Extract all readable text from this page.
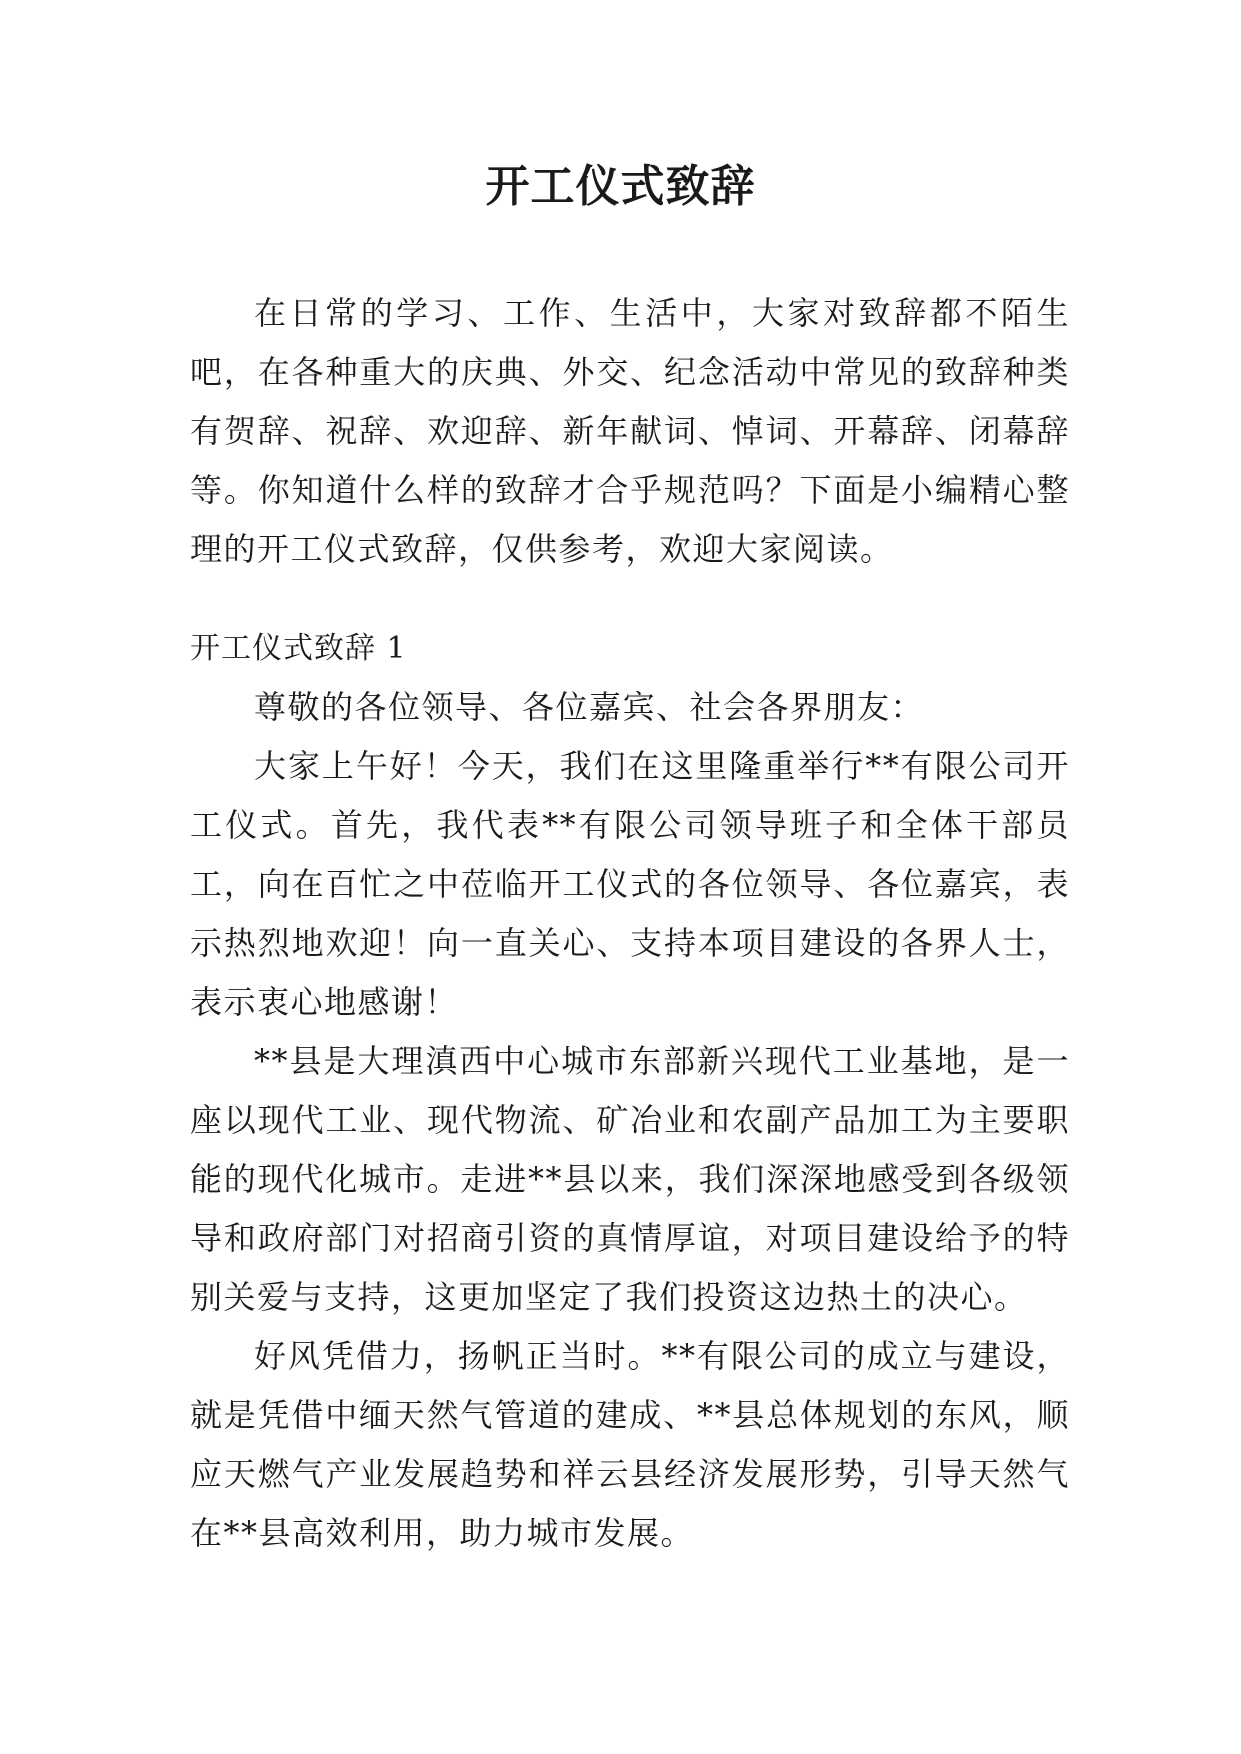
开工仪式致辞

在日常的学习、工作、生活中，大家对致辞都不陌生吧，在各种重大的庆典、外交、纪念活动中常见的致辞种类有贺辞、祝辞、欢迎辞、新年献词、悼词、开幕辞、闭幕辞等。你知道什么样的致辞才合乎规范吗？下面是小编精心整理的开工仪式致辞，仅供参考，欢迎大家阅读。

开工仪式致辞 1

尊敬的各位领导、各位嘉宾、社会各界朋友：

大家上午好！今天，我们在这里隆重举行**有限公司开工仪式。首先，我代表**有限公司领导班子和全体干部员工，向在百忙之中莅临开工仪式的各位领导、各位嘉宾，表示热烈地欢迎！向一直关心、支持本项目建设的各界人士，表示衷心地感谢！

**县是大理滇西中心城市东部新兴现代工业基地，是一座以现代工业、现代物流、矿冶业和农副产品加工为主要职能的现代化城市。走进**县以来，我们深深地感受到各级领导和政府部门对招商引资的真情厚谊，对项目建设给予的特别关爱与支持，这更加坚定了我们投资这边热土的决心。

好风凭借力，扬帆正当时。**有限公司的成立与建设，就是凭借中缅天然气管道的建成、**县总体规划的东风，顺应天燃气产业发展趋势和祥云县经济发展形势，引导天然气在**县高效利用，助力城市发展。
